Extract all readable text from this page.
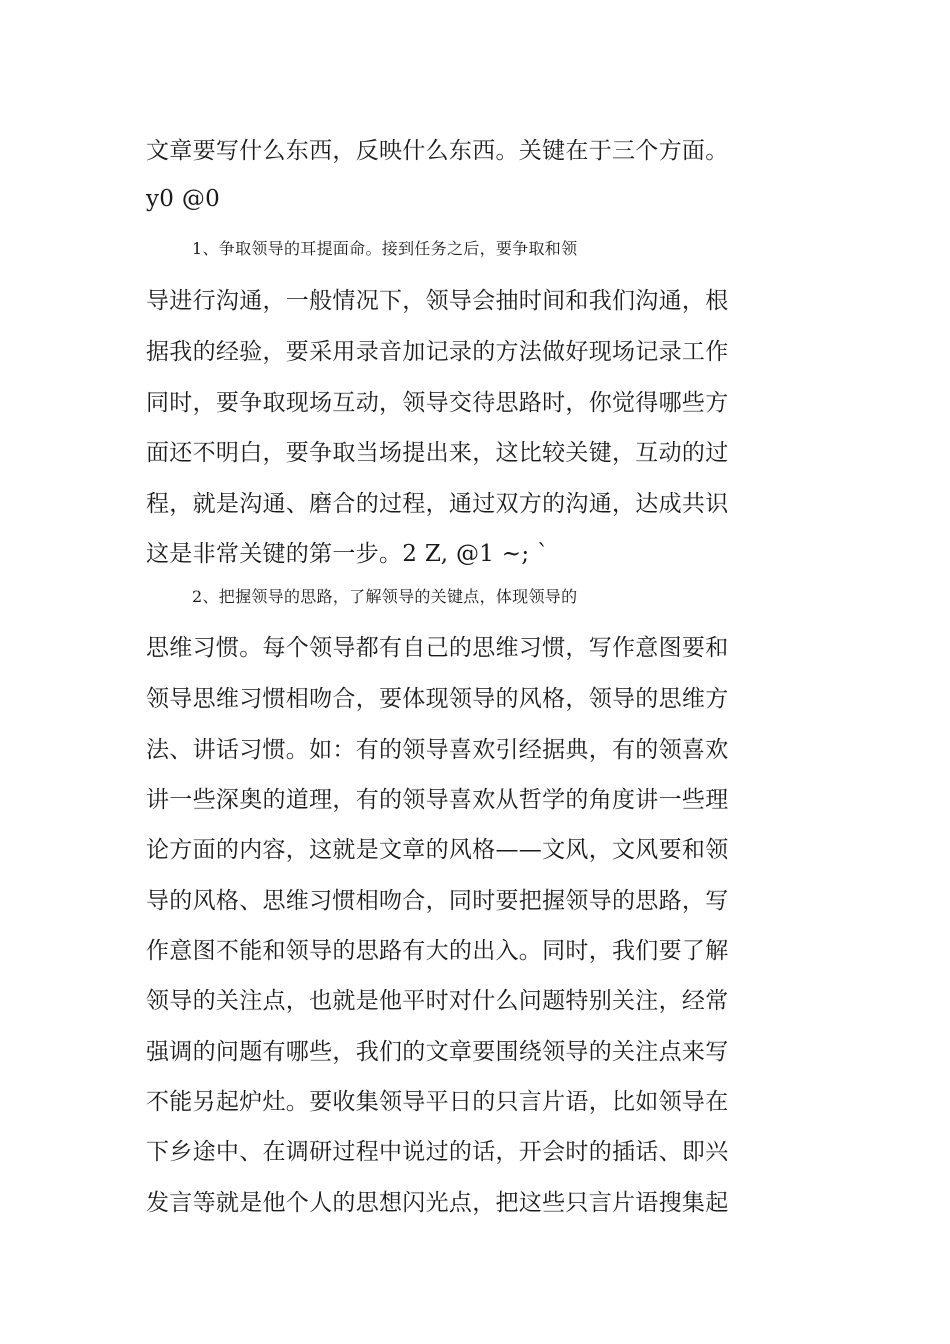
文章要写什么东西，反映什么东西。关键在于三个方面。
y0 @0
1、争取领导的耳提面命。接到任务之后，要争取和领
导进行沟通，一般情况下，领导会抽时间和我们沟通，根
据我的经验，要采用录音加记录的方法做好现场记录工作
同时，要争取现场互动，领导交待思路时，你觉得哪些方
面还不明白，要争取当场提出来，这比较关键，互动的过
程，就是沟通、磨合的过程，通过双方的沟通，达成共识
这是非常关键的第一步。2 Z, @1 ~; `
2、把握领导的思路，了解领导的关键点，体现领导的
思维习惯。每个领导都有自己的思维习惯，写作意图要和
领导思维习惯相吻合，要体现领导的风格，领导的思维方
法、讲话习惯。如：有的领导喜欢引经据典，有的领喜欢
讲一些深奥的道理，有的领导喜欢从哲学的角度讲一些理
论方面的内容，这就是文章的风格——文风，文风要和领
导的风格、思维习惯相吻合，同时要把握领导的思路，写
作意图不能和领导的思路有大的出入。同时，我们要了解
领导的关注点，也就是他平时对什么问题特别关注，经常
强调的问题有哪些，我们的文章要围绕领导的关注点来写
不能另起炉灶。要收集领导平日的只言片语，比如领导在
下乡途中、在调研过程中说过的话，开会时的插话、即兴
发言等就是他个人的思想闪光点，把这些只言片语搜集起
